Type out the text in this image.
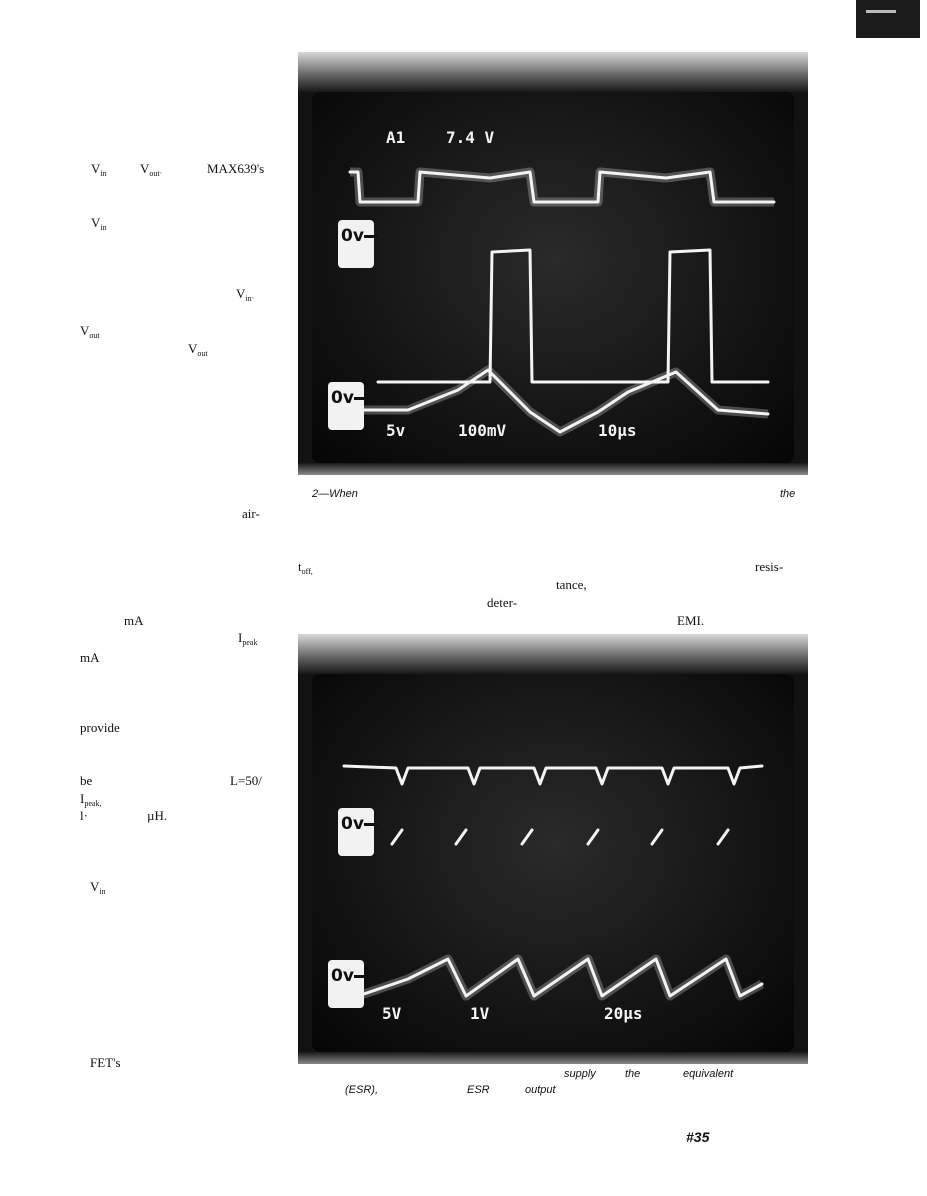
$V_{in}$	$V_{out\cdot}$	MAX639's
$V_{in}$
$V_{in\cdot}$
$V_{out}$
$V_{out}$
air-
mA
$I_{peak}$
mA
provide
be	L=50/
$I_{peak,}$
l·	µH.
$V_{in}$
FET's
A1	7.4 V
0v
0v
5v	100mV	10µs
2—When	the
$t_{off,}$	resis-
tance,
deter-
EMI.
0v
0v
5V	1V	20µs
supply	the	equivalent
(ESR),	ESR	output
#35
